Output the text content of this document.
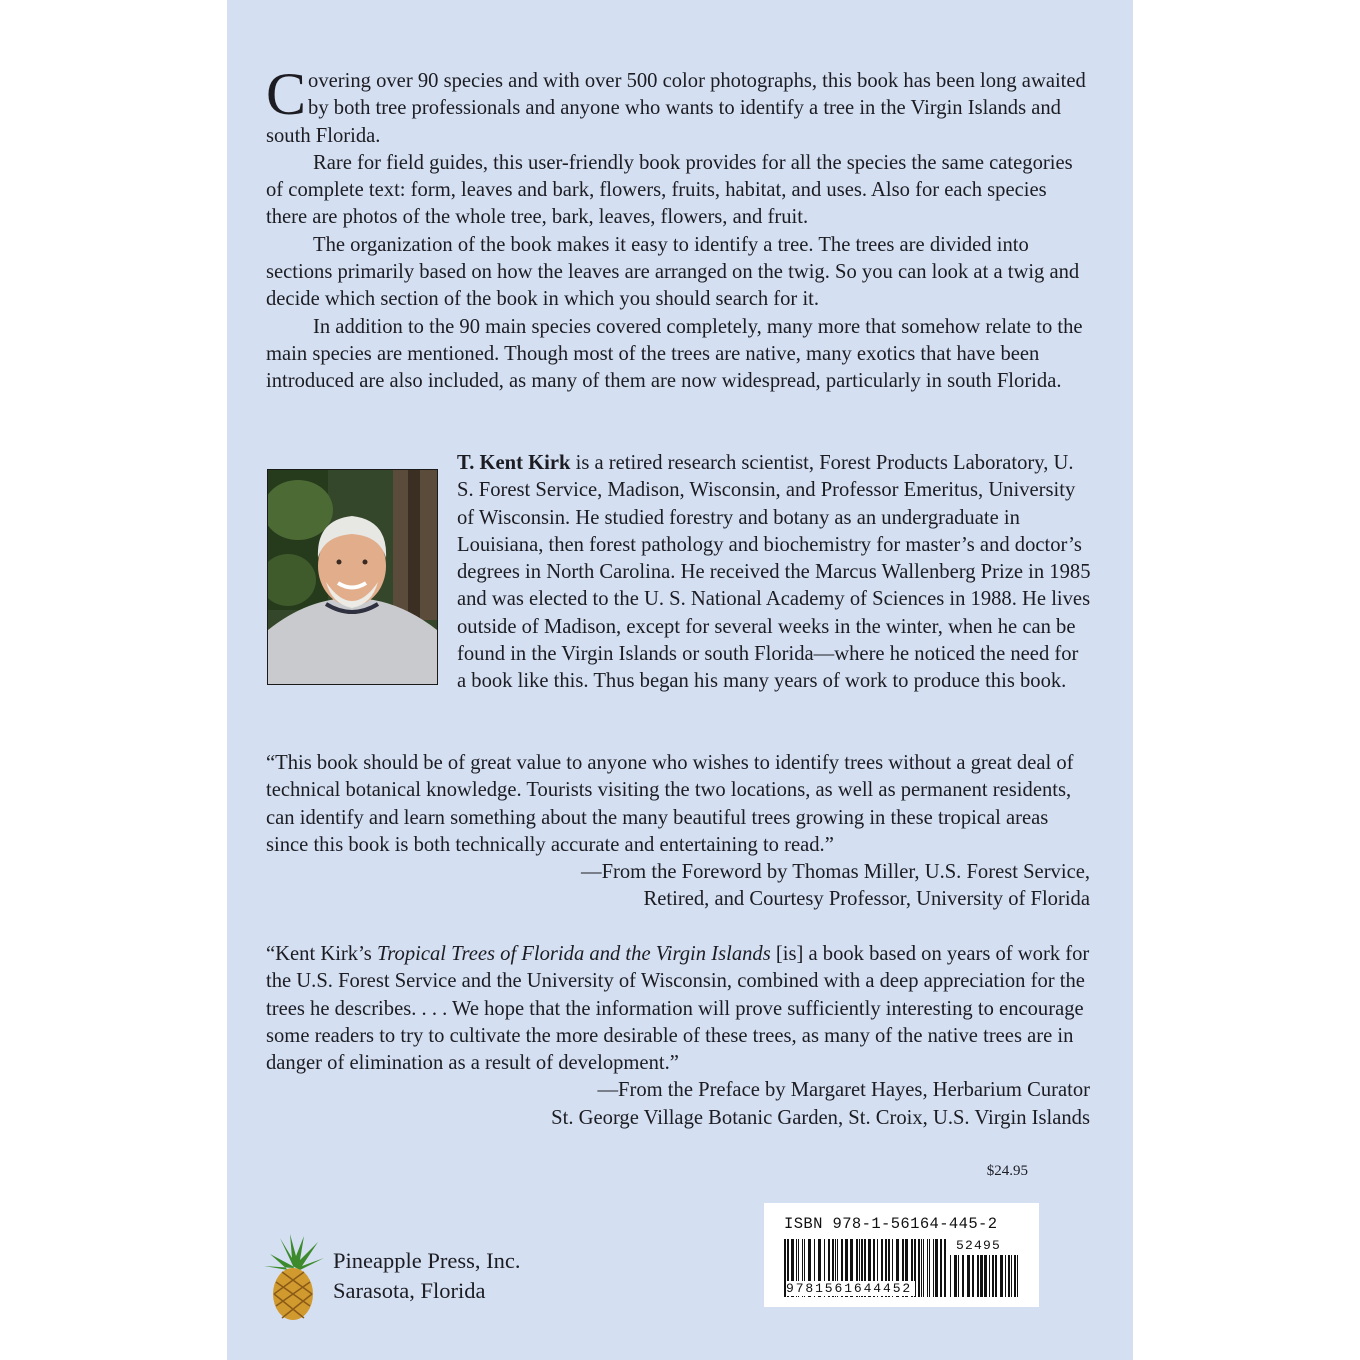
Covering over 90 species and with over 500 color photographs, this book has been long awaited by both tree professionals and anyone who wants to identify a tree in the Virgin Islands and south Florida.

Rare for field guides, this user-friendly book provides for all the species the same categories of complete text: form, leaves and bark, flowers, fruits, habitat, and uses. Also for each species there are photos of the whole tree, bark, leaves, flowers, and fruit.

The organization of the book makes it easy to identify a tree. The trees are divided into sections primarily based on how the leaves are arranged on the twig. So you can look at a twig and decide which section of the book in which you should search for it.

In addition to the 90 main species covered completely, many more that somehow relate to the main species are mentioned. Though most of the trees are native, many exotics that have been introduced are also included, as many of them are now widespread, particularly in south Florida.

T. Kent Kirk is a retired research scientist, Forest Products Laboratory, U. S. Forest Service, Madison, Wisconsin, and Professor Emeritus, University of Wisconsin. He studied forestry and botany as an undergraduate in Louisiana, then forest pathology and biochemistry for master’s and doctor’s degrees in North Carolina. He received the Marcus Wallenberg Prize in 1985 and was elected to the U. S. National Academy of Sciences in 1988. He lives outside of Madison, except for several weeks in the winter, when he can be found in the Virgin Islands or south Florida—where he noticed the need for a book like this. Thus began his many years of work to produce this book.

“This book should be of great value to anyone who wishes to identify trees without a great deal of technical botanical knowledge. Tourists visiting the two locations, as well as permanent residents, can identify and learn something about the many beautiful trees growing in these tropical areas since this book is both technically accurate and entertaining to read.”

—From the Foreword by Thomas Miller, U.S. Forest Service,

Retired, and Courtesy Professor, University of Florida

“Kent Kirk’s Tropical Trees of Florida and the Virgin Islands [is] a book based on years of work for the U.S. Forest Service and the University of Wisconsin, combined with a deep appreciation for the trees he describes. . . . We hope that the information will prove sufficiently interesting to encourage some readers to try to cultivate the more desirable of these trees, as many of the native trees are in danger of elimination as a result of development.”

—From the Preface by Margaret Hayes, Herbarium Curator

St. George Village Botanic Garden, St. Croix, U.S. Virgin Islands

$24.95
Pineapple Press, Inc.
Sarasota, Florida
ISBN 978-1-56164-445-2
52495
9781561644452
